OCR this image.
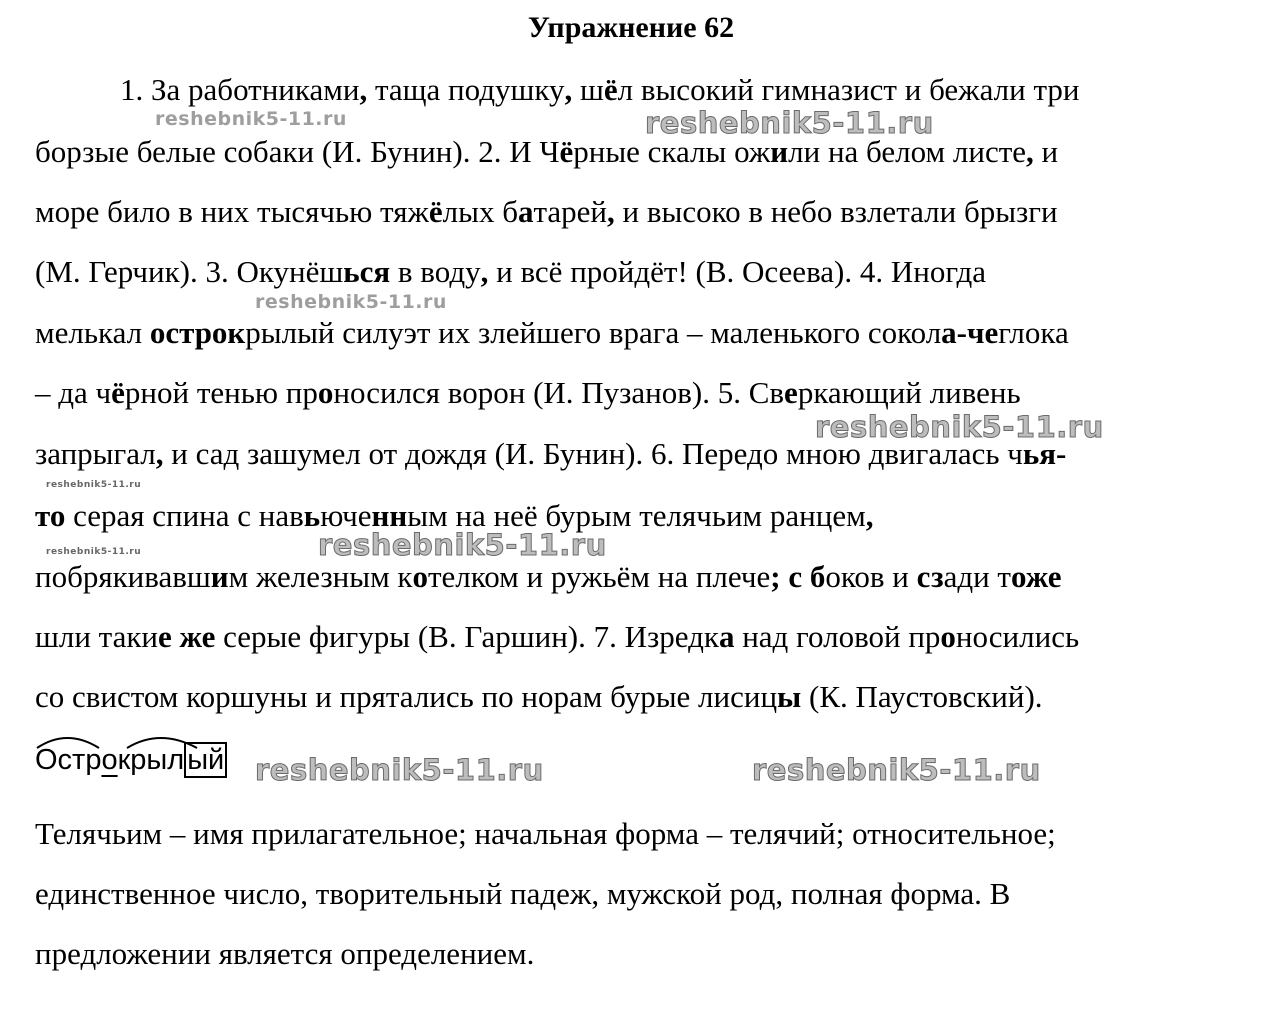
Упражнение 62
reshebnik5-11.ru	reshebnik5-11.ru
reshebnik5-11.ru
reshebnik5-11.ru
reshebnik5-11.ru
reshebnik5-11.ru	reshebnik5-11.ru
reshebnik5-11.ru	reshebnik5-11.ru
1. За работниками, таща подушку, шёл высокий гимназист и бежали три
борзые белые собаки (И. Бунин). 2. И Чёрные скалы ожили на белом листе, и
море било в них тысячью тяжёлых батарей, и высоко в небо взлетали брызги
(М. Герчик). 3. Окунёшься в воду, и всё пройдёт! (В. Осеева). 4. Иногда
мелькал острокрылый силуэт их злейшего врага – маленького сокола-чеглока
– да чёрной тенью проносился ворон (И. Пузанов). 5. Сверкающий ливень
запрыгал, и сад зашумел от дождя (И. Бунин). 6. Передо мною двигалась чья-
то серая спина с навьюченным на неё бурым телячьим ранцем,
побрякивавшим железным котелком и ружьём на плече; с боков и сзади тоже
шли такие же серые фигуры (В. Гаршин). 7. Изредка над головой проносились
со свистом коршуны и прятались по норам бурые лисицы (К. Паустовский).
Острокрыл ый
Телячьим – имя прилагательное; начальная форма – телячий; относительное;
единственное число, творительный падеж, мужской род, полная форма. В
предложении является определением.
